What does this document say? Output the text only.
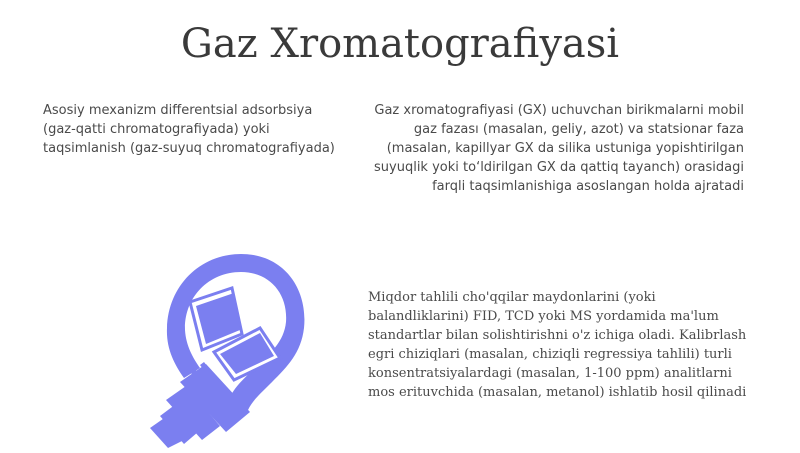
Gaz Xromatografiyasi
Asosiy mexanizm differentsial adsorbsiya (gaz-qatti chromatografiyada) yoki taqsimlanish (gaz-suyuq chromatografiyada)
Gaz xromatografiyasi (GX) uchuvchan birikmalarni mobil gaz fazası (masalan, geliy, azot) va statsionar faza (masalan, kapillyar GX da silika ustuniga yopishtirilgan suyuqlik yoki to‘ldirilgan GX da qattiq tayanch) orasidagi farqli taqsimlanishiga asoslangan holda ajratadi
Miqdor tahlili cho'qqilar maydonlarini (yoki balandliklarini) FID, TCD yoki MS yordamida ma'lum standartlar bilan solishtirishni o'z ichiga oladi. Kalibrlash egri chiziqlari (masalan, chiziqli regressiya tahlili) turli konsentratsiyalardagi (masalan, 1-100 ppm) analitlarni mos erituvchida (masalan, metanol) ishlatib hosil qilinadi
